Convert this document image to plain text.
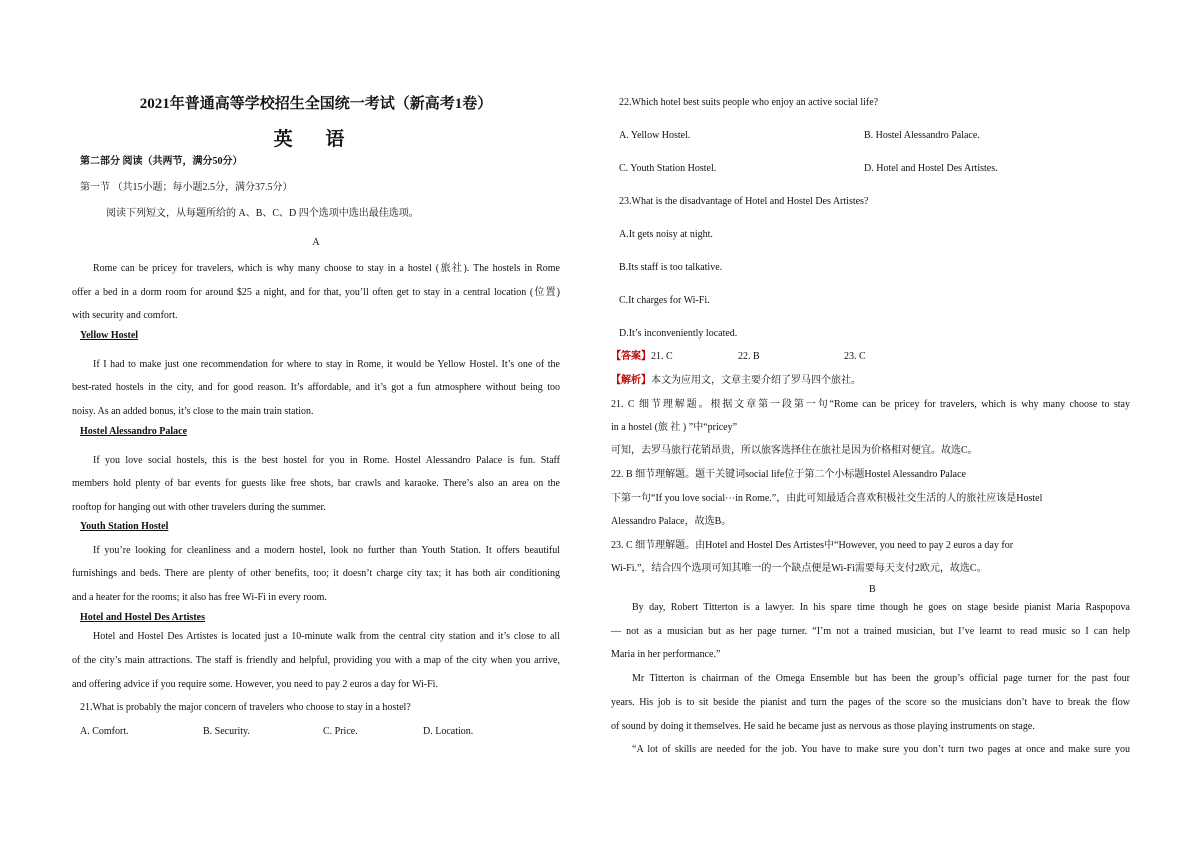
2021年普通高等学校招生全国统一考试（新高考1卷）
英 语
第二部分 阅读（共两节，满分50分）
第一节 （共15小题；每小题2.5分，满分37.5分）
阅读下列短文，从每题所给的 A、B、C、D 四个选项中选出最佳选项。
A
Rome can be pricey for travelers, which is why many choose to stay in a hostel (旅社). The hostels in Rome
offer a bed in a dorm room for around $25 a night, and for that, you’ll often get to stay in a central location (位置)
with security and comfort.
Yellow Hostel
If I had to make just one recommendation for where to stay in Rome, it would be Yellow Hostel. It’s one of the
best-rated hostels in the city, and for good reason. It’s affordable, and it’s got a fun atmosphere without being too
noisy. As an added bonus, it’s close to the main train station.
Hostel Alessandro Palace
If you love social hostels, this is the best hostel for you in Rome. Hostel Alessandro Palace is fun. Staff
members hold plenty of bar events for guests like free shots, bar crawls and karaoke. There’s also an area on the
rooftop for hanging out with other travelers during the summer.
Youth Station Hostel
If you’re looking for cleanliness and a modern hostel, look no further than Youth Station. It offers beautiful
furnishings and beds. There are plenty of other benefits, too; it doesn’t charge city tax; it has both air conditioning
and a heater for the rooms; it also has free Wi-Fi in every room.
Hotel and Hostel Des Artistes
Hotel and Hostel Des Artistes is located just a 10-minute walk from the central city station and it’s close to all
of the city’s main attractions. The staff is friendly and helpful, providing you with a map of the city when you arrive,
and offering advice if you require some. However, you need to pay 2 euros a day for Wi-Fi.
21.What is probably the major concern of travelers who choose to stay in a hostel?
A. Comfort.	B. Security.	C. Price.	D. Location.
22.Which hotel best suits people who enjoy an active social life?
A. Yellow Hostel.	B. Hostel Alessandro Palace.
C. Youth Station Hostel.	D. Hotel and Hostel Des Artistes.
23.What is the disadvantage of Hotel and Hostel Des Artistes?
A.It gets noisy at night.
B.Its staff is too talkative.
C.It charges for Wi-Fi.
D.It’s inconveniently located.
【答案】21. C	22. B	23. C
【解析】本文为应用文，文章主要介绍了罗马四个旅社。
21. C 细节理解题。根据文章第一段第一句“Rome can be pricey for travelers, which is why many choose to stay
in a hostel (旅 社 ) ”中“pricey”
可知，去罗马旅行花销昂贵，所以旅客选择住在旅社是因为价格相对便宜。故选C。
22. B 细节理解题。题干关键词social life位于第二个小标题Hostel Alessandro Palace
下第一句“If you love social⋯in Rome.”，由此可知最适合喜欢积极社交生活的人的旅社应该是Hostel
Alessandro Palace，故选B。
23. C 细节理解题。由Hotel and Hostel Des Artistes中“However, you need to pay 2 euros a day for
Wi-Fi.”，结合四个选项可知其唯一的一个缺点便是Wi-Fi需要每天支付2欧元，故选C。
B
By day, Robert Titterton is a lawyer. In his spare time though he goes on stage beside pianist Maria Raspopova
— not as a musician but as her page turner. “I’m not a trained musician, but I’ve learnt to read music so I can help
Maria in her performance.”
Mr Titterton is chairman of the Omega Ensemble but has been the group’s official page turner for the past four
years. His job is to sit beside the pianist and turn the pages of the score so the musicians don’t have to break the flow
of sound by doing it themselves. He said he became just as nervous as those playing instruments on stage.
“A lot of skills are needed for the job. You have to make sure you don’t turn two pages at once and make sure you
